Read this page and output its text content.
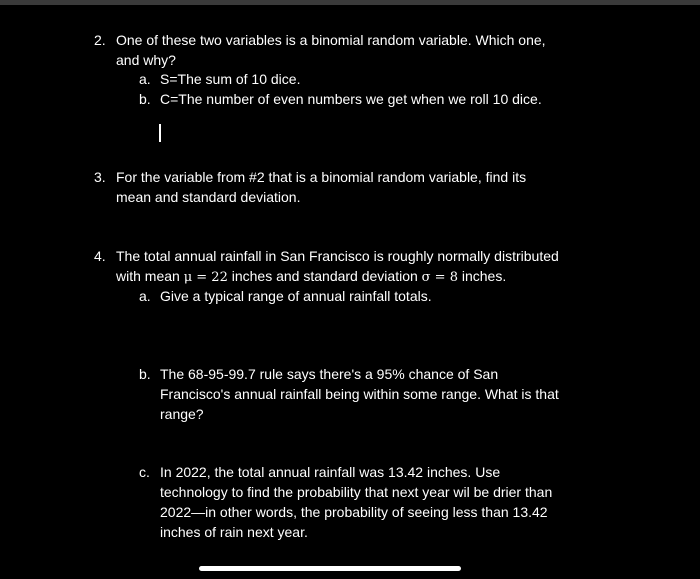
2. One of these two variables is a binomial random variable. Which one,
and why?
a. S=The sum of 10 dice.
b. C=The number of even numbers we get when we roll 10 dice.
3. For the variable from #2 that is a binomial random variable, find its
mean and standard deviation.
4. The total annual rainfall in San Francisco is roughly normally distributed
with mean μ = 22 inches and standard deviation σ = 8 inches.
a. Give a typical range of annual rainfall totals.
b. The 68-95-99.7 rule says there's a 95% chance of San
Francisco's annual rainfall being within some range. What is that
range?
c. In 2022, the total annual rainfall was 13.42 inches. Use
technology to find the probability that next year wil be drier than
2022—in other words, the probability of seeing less than 13.42
inches of rain next year.
